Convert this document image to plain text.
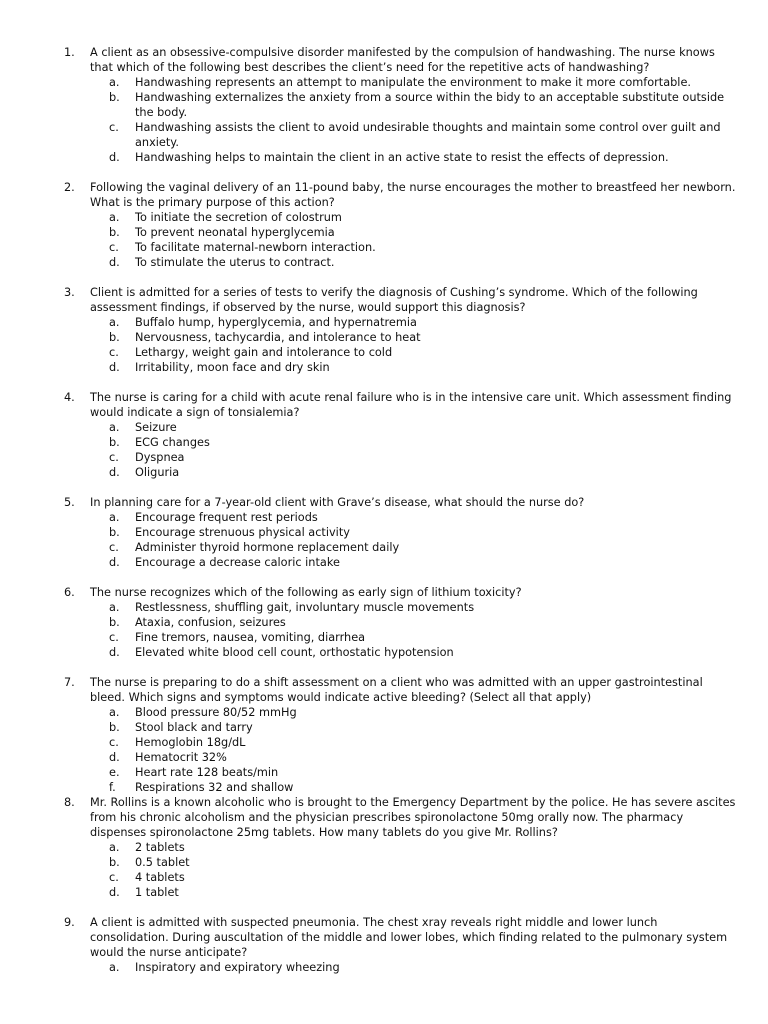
1.	A client as an obsessive-compulsive disorder manifested by the compulsion of handwashing. The nurse knows that which of the following best describes the client’s need for the repetitive acts of handwashing?
a.	Handwashing represents an attempt to manipulate the environment to make it more comfortable.
b.	Handwashing externalizes the anxiety from a source within the bidy to an acceptable substitute outside the body.
c.	Handwashing assists the client to avoid undesirable thoughts and maintain some control over guilt and anxiety.
d.	Handwashing helps to maintain the client in an active state to resist the effects of depression.
2.	Following the vaginal delivery of an 11-pound baby, the nurse encourages the mother to breastfeed her newborn. What is the primary purpose of this action?
a.	To initiate the secretion of colostrum
b.	To prevent neonatal hyperglycemia
c.	To facilitate maternal-newborn interaction.
d.	To stimulate the uterus to contract.
3.	Client is admitted for a series of tests to verify the diagnosis of Cushing’s syndrome. Which of the following assessment findings, if observed by the nurse, would support this diagnosis?
a.	Buffalo hump, hyperglycemia, and hypernatremia
b.	Nervousness, tachycardia, and intolerance to heat
c.	Lethargy, weight gain and intolerance to cold
d.	Irritability, moon face and dry skin
4.	The nurse is caring for a child with acute renal failure who is in the intensive care unit. Which assessment finding would indicate a sign of tonsialemia?
a.	Seizure
b.	ECG changes
c.	Dyspnea
d.	Oliguria
5.	In planning care for a 7-year-old client with Grave’s disease, what should the nurse do?
a.	Encourage frequent rest periods
b.	Encourage strenuous physical activity
c.	Administer thyroid hormone replacement daily
d.	Encourage a decrease caloric intake
6.	The nurse recognizes which of the following as early sign of lithium toxicity?
a.	Restlessness, shuffling gait, involuntary muscle movements
b.	Ataxia, confusion, seizures
c.	Fine tremors, nausea, vomiting, diarrhea
d.	Elevated white blood cell count, orthostatic hypotension
7.	The nurse is preparing to do a shift assessment on a client who was admitted with an upper gastrointestinal bleed. Which signs and symptoms would indicate active bleeding? (Select all that apply)
a.	Blood pressure 80/52 mmHg
b.	Stool black and tarry
c.	Hemoglobin 18g/dL
d.	Hematocrit 32%
e.	Heart rate 128 beats/min
f.	Respirations 32 and shallow
8.	Mr. Rollins is a known alcoholic who is brought to the Emergency Department by the police. He has severe ascites from his chronic alcoholism and the physician prescribes spironolactone 50mg orally now. The pharmacy dispenses spironolactone 25mg tablets. How many tablets do you give Mr. Rollins?
a.	2 tablets
b.	0.5 tablet
c.	4 tablets
d.	1 tablet
9.	A client is admitted with suspected pneumonia. The chest xray reveals right middle and lower lunch consolidation. During auscultation of the middle and lower lobes, which finding related to the pulmonary system would the nurse anticipate?
a.	Inspiratory and expiratory wheezing
